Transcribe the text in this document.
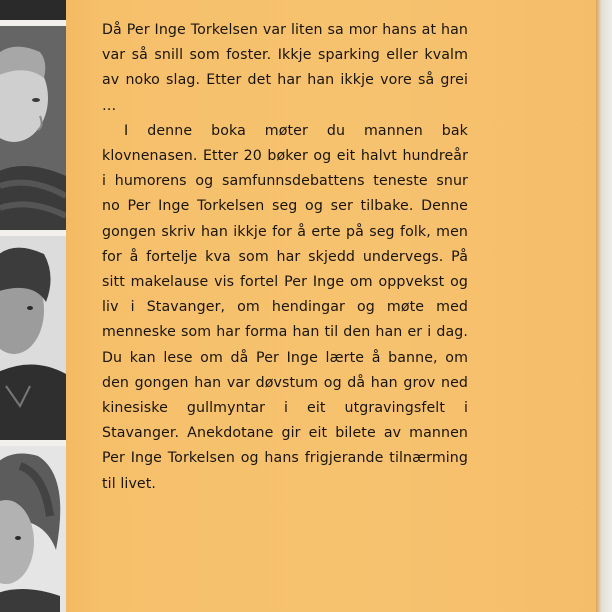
Då Per Inge Torkelsen var liten sa mor hans at han var så snill som foster. Ikkje sparking eller kvalm av noko slag. Etter det har han ikkje vore så grei …

I denne boka møter du mannen bak klovnenasen. Etter 20 bøker og eit halvt hundreår i humorens og samfunnsdebattens teneste snur no Per Inge Torkelsen seg og ser tilbake. Denne gongen skriv han ikkje for å erte på seg folk, men for å fortelje kva som har skjedd undervegs. På sitt makelause vis fortel Per Inge om oppvekst og liv i Stavanger, om hendingar og møte med menneske som har forma han til den han er i dag. Du kan lese om då Per Inge lærte å banne, om den gongen han var døvstum og då han grov ned kinesiske gullmyntar i eit utgravingsfelt i Stavanger. Anekdotane gir eit bilete av mannen Per Inge Torkelsen og hans frigjerande tilnærming til livet.
